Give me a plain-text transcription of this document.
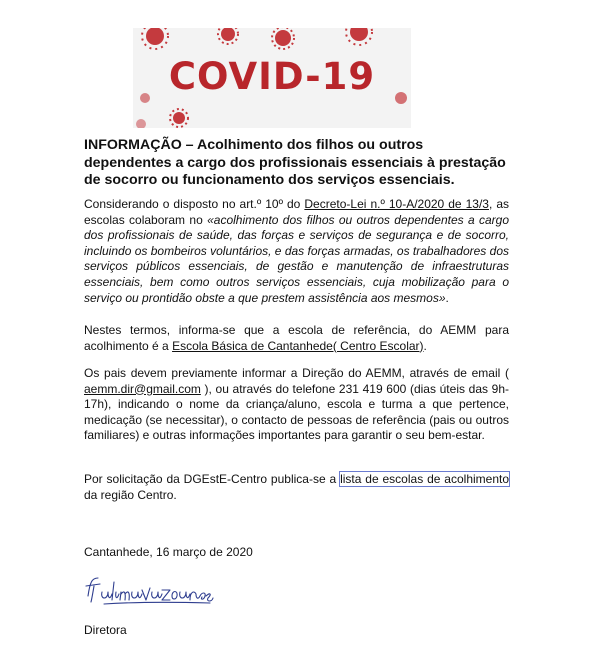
COVID-19
INFORMAÇÃO – Acolhimento dos filhos ou outros dependentes a cargo dos profissionais essenciais à prestação de socorro ou funcionamento dos serviços essenciais.
Considerando o disposto no art.º 10º do Decreto-Lei n.º 10-A/2020 de 13/3, as escolas colaboram no «acolhimento dos filhos ou outros dependentes a cargo dos profissionais de saúde, das forças e serviços de segurança e de socorro, incluindo os bombeiros voluntários, e das forças armadas, os trabalhadores dos serviços públicos essenciais, de gestão e manutenção de infraestruturas essenciais, bem como outros serviços essenciais, cuja mobilização para o serviço ou prontidão obste a que prestem assistência aos mesmos».
Nestes termos, informa-se que a escola de referência, do AEMM para acolhimento é a Escola Básica de Cantanhede( Centro Escolar).
Os pais devem previamente informar a Direção do AEMM, através de email ( aemm.dir@gmail.com ), ou através do telefone 231 419 600 (dias úteis das 9h-17h), indicando o nome da criança/aluno, escola e turma a que pertence, medicação (se necessitar), o contacto de pessoas de referência (pais ou outros familiares) e outras informações importantes para garantir o seu bem-estar.
Por solicitação da DGEstE-Centro publica-se a lista de escolas de acolhimento da região Centro.
Cantanhede, 16 março de 2020
Diretora
